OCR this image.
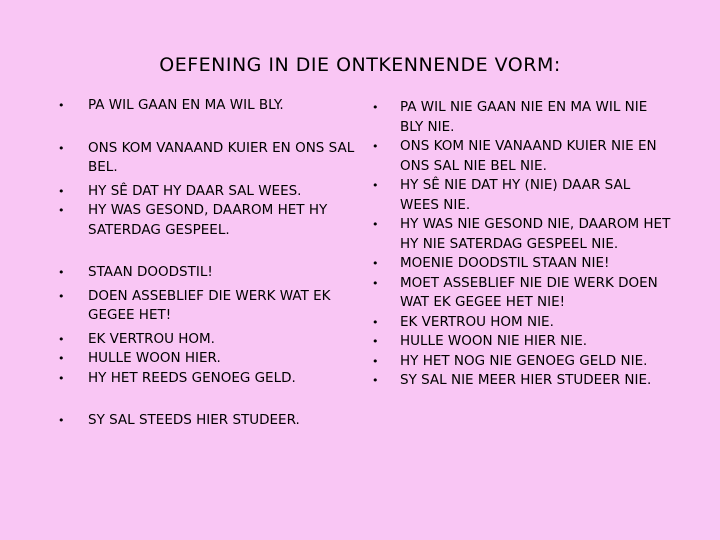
OEFENING IN DIE ONTKENNENDE VORM:
• PA WIL GAAN EN MA WIL BLY.
• ONS KOM VANAAND KUIER EN ONS SAL BEL.
• HY SÊ DAT HY DAAR SAL WEES.
• HY WAS GESOND, DAAROM HET HY SATERDAG GESPEEL.
• STAAN DOODSTIL!
• DOEN ASSEBLIEF DIE WERK WAT EK GEGEE HET!
• EK VERTROU HOM.
• HULLE WOON HIER.
• HY HET REEDS GENOEG GELD.
• SY SAL STEEDS HIER STUDEER.
• PA WIL NIE GAAN NIE EN MA WIL NIE BLY NIE.
• ONS KOM NIE VANAAND KUIER NIE EN ONS SAL NIE BEL NIE.
• HY SÊ NIE DAT HY (NIE) DAAR SAL WEES NIE.
• HY WAS NIE GESOND NIE, DAAROM HET HY NIE SATERDAG GESPEEL NIE.
• MOENIE DOODSTIL STAAN NIE!
• MOET ASSEBLIEF NIE DIE WERK DOEN WAT EK GEGEE HET NIE!
• EK VERTROU HOM NIE.
• HULLE WOON NIE HIER NIE.
• HY HET NOG NIE GENOEG GELD NIE.
• SY SAL NIE MEER HIER STUDEER NIE.
